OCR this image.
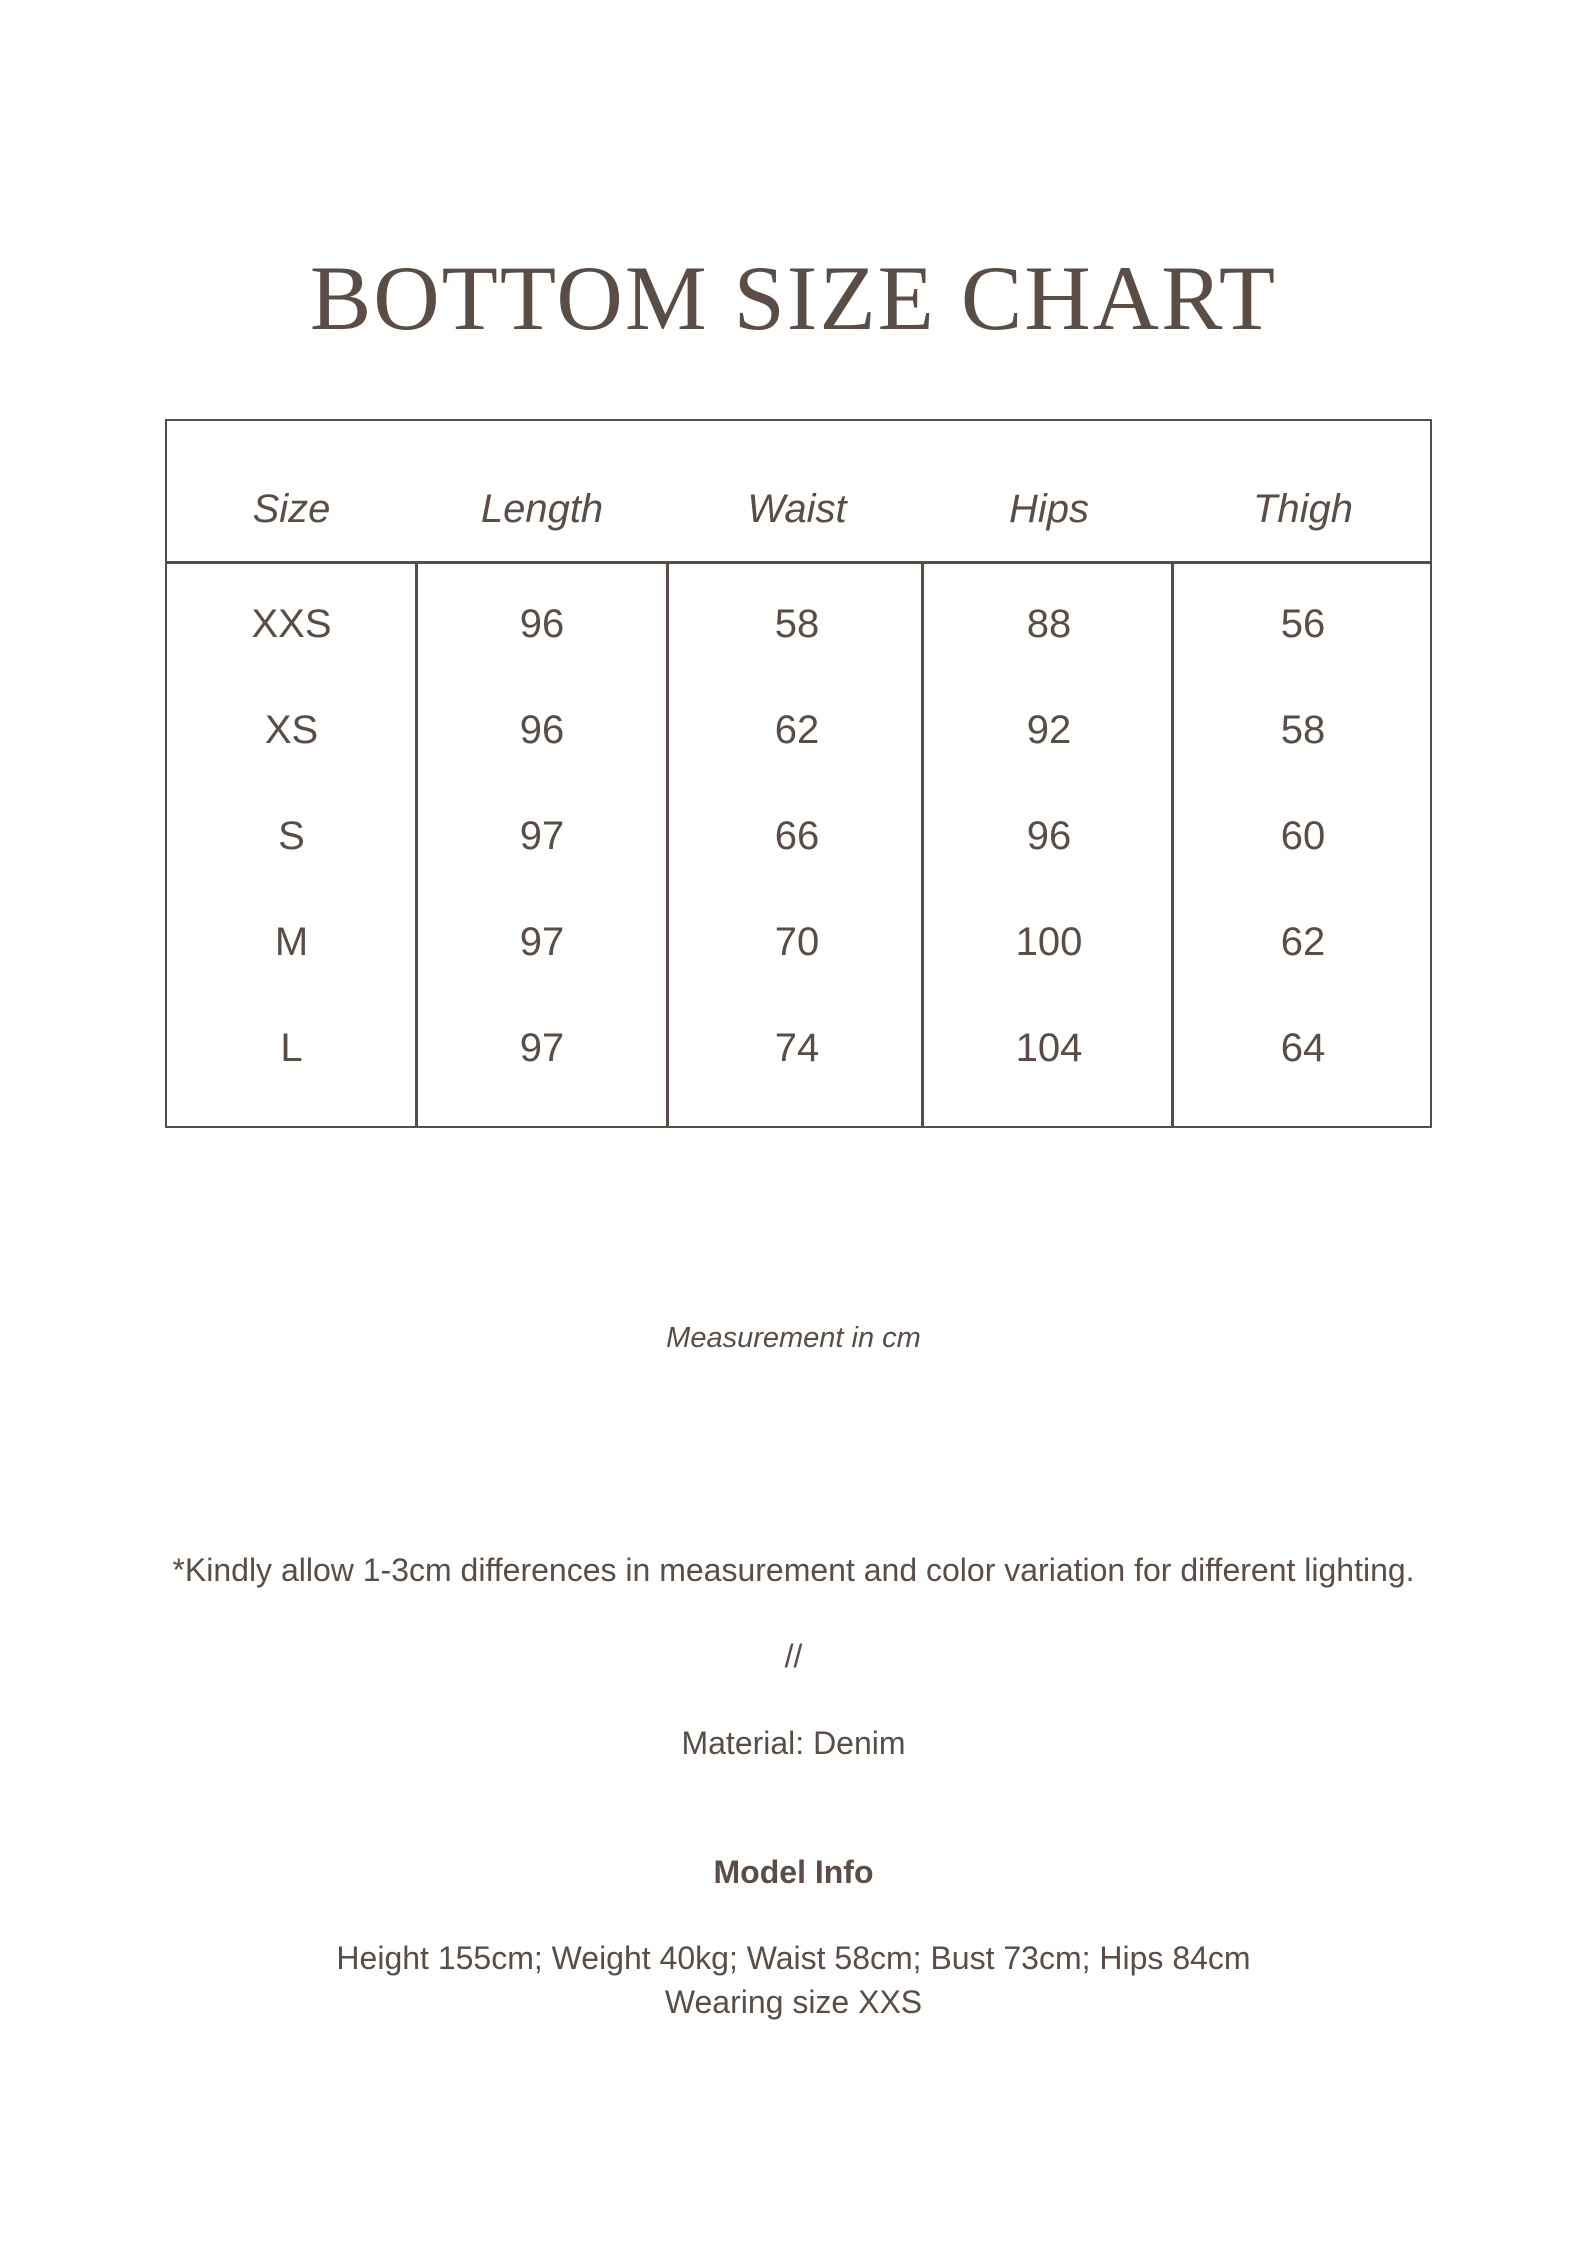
BOTTOM SIZE CHART
Size	Length	Waist	Hips	Thigh
XXS	96	58	88	56
XS	96	62	92	58
S	97	66	96	60
M	97	70	100	62
L	97	74	104	64
Measurement in cm
*Kindly allow 1-3cm differences in measurement and color variation for different lighting.
//
Material: Denim
Model Info
Height 155cm; Weight 40kg; Waist 58cm; Bust 73cm; Hips 84cm
Wearing size XXS
